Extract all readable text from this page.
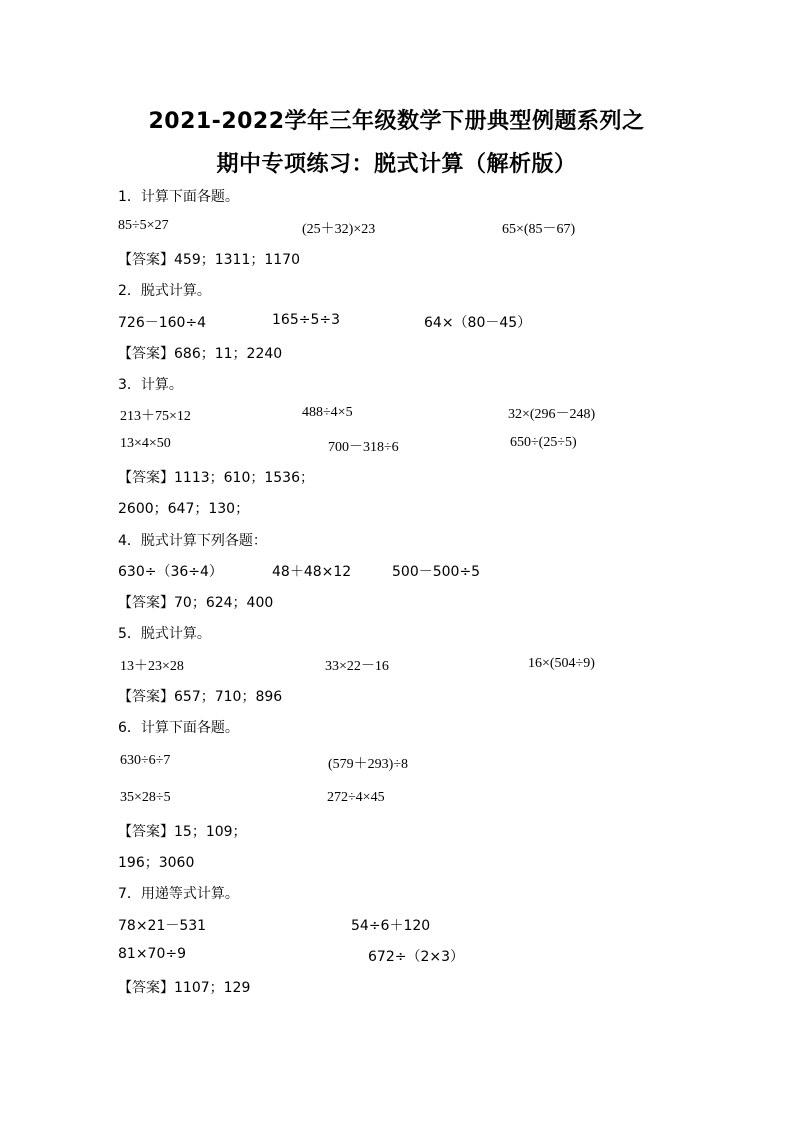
2021-2022学年三年级数学下册典型例题系列之
期中专项练习：脱式计算（解析版）
1．计算下面各题。
85÷5×27	(25＋32)×23	65×(85－67)
【答案】459；1311；1170
2．脱式计算。
726－160÷4	165÷5÷3	64×（80－45）
【答案】686；11；2240
3．计算。
213＋75×12	488÷4×5	32×(296－248)
13×4×50	700－318÷6	650÷(25÷5)
【答案】1113；610；1536；
2600；647；130；
4．脱式计算下列各题：
630÷（36÷4）	48＋48×12	500－500÷5
【答案】70；624；400
5．脱式计算。
13＋23×28	33×22－16	16×(504÷9)
【答案】657；710；896
6．计算下面各题。
630÷6÷7	(579＋293)÷8
35×28÷5	272÷4×45
【答案】15；109；
196；3060
7．用递等式计算。
78×21－531	54÷6＋120
81×70÷9	672÷（2×3）
【答案】1107；129
